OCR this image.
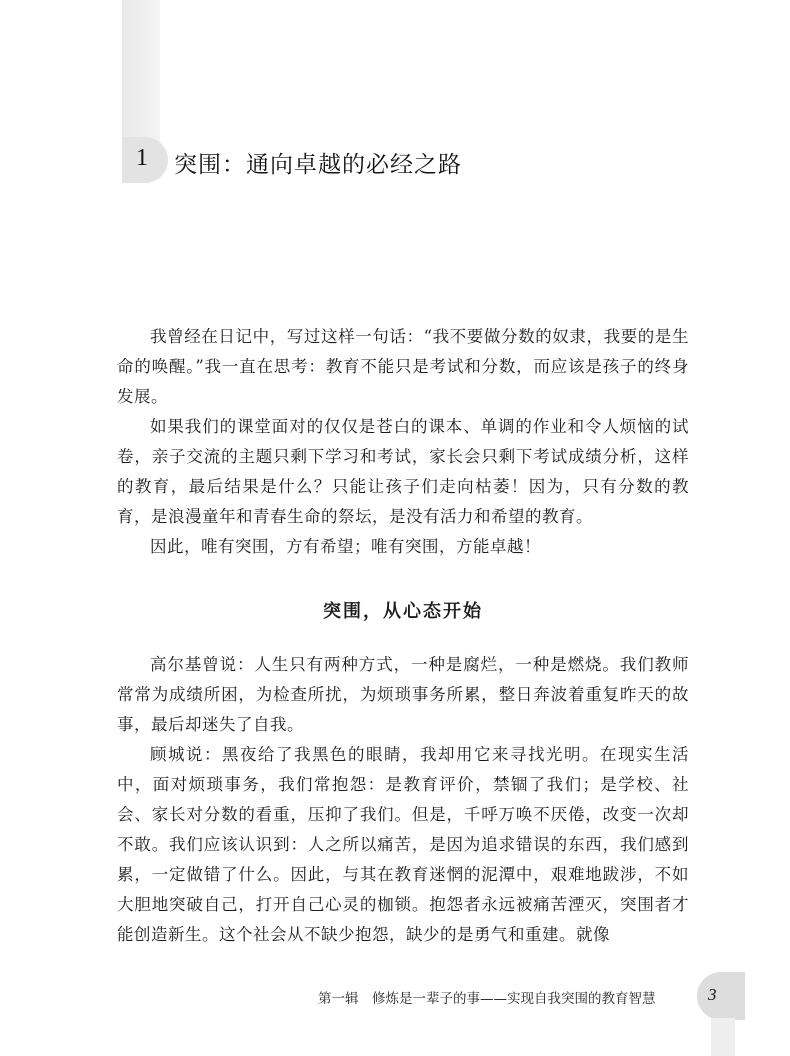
1 突围：通向卓越的必经之路

我曾经在日记中，写过这样一句话：“我不要做分数的奴隶，我要的是生命的唤醒。”我一直在思考：教育不能只是考试和分数，而应该是孩子的终身发展。

如果我们的课堂面对的仅仅是苍白的课本、单调的作业和令人烦恼的试卷，亲子交流的主题只剩下学习和考试，家长会只剩下考试成绩分析，这样的教育，最后结果是什么？只能让孩子们走向枯萎！因为，只有分数的教育，是浪漫童年和青春生命的祭坛，是没有活力和希望的教育。

因此，唯有突围，方有希望；唯有突围，方能卓越！

突围，从心态开始

高尔基曾说：人生只有两种方式，一种是腐烂，一种是燃烧。我们教师常常为成绩所困，为检查所扰，为烦琐事务所累，整日奔波着重复昨天的故事，最后却迷失了自我。

顾城说：黑夜给了我黑色的眼睛，我却用它来寻找光明。在现实生活中，面对烦琐事务，我们常抱怨：是教育评价，禁锢了我们；是学校、社会、家长对分数的看重，压抑了我们。但是，千呼万唤不厌倦，改变一次却不敢。我们应该认识到：人之所以痛苦，是因为追求错误的东西，我们感到累，一定做错了什么。因此，与其在教育迷惘的泥潭中，艰难地跋涉，不如大胆地突破自己，打开自己心灵的枷锁。抱怨者永远被痛苦湮灭，突围者才能创造新生。这个社会从不缺少抱怨，缺少的是勇气和重建。就像

第一辑　修炼是一辈子的事——实现自我突围的教育智慧	3
